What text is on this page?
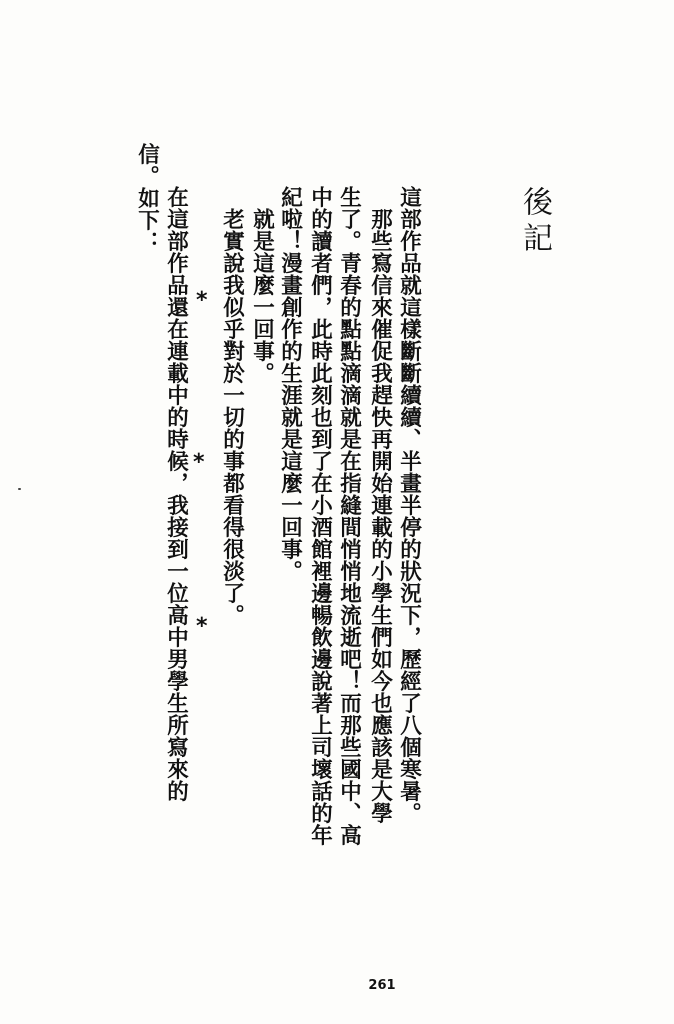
後記
這部作品就這樣斷斷續續、半畫半停的狀況下，歷經了八個寒暑。
那些寫信來催促我趕快再開始連載的小學生們如今也應該是大學
生了。青春的點點滴滴就是在指縫間悄悄地流逝吧！而那些國中、高
中的讀者們，此時此刻也到了在小酒館裡邊暢飲邊說著上司壞話的年
紀啦！漫畫創作的生涯就是這麼一回事。
就是這麼一回事。
老實說我似乎對於一切的事都看得很淡了。
*
*
*
在這部作品還在連載中的時候，我接到一位高中男學生所寫來的
信。如下：
261
